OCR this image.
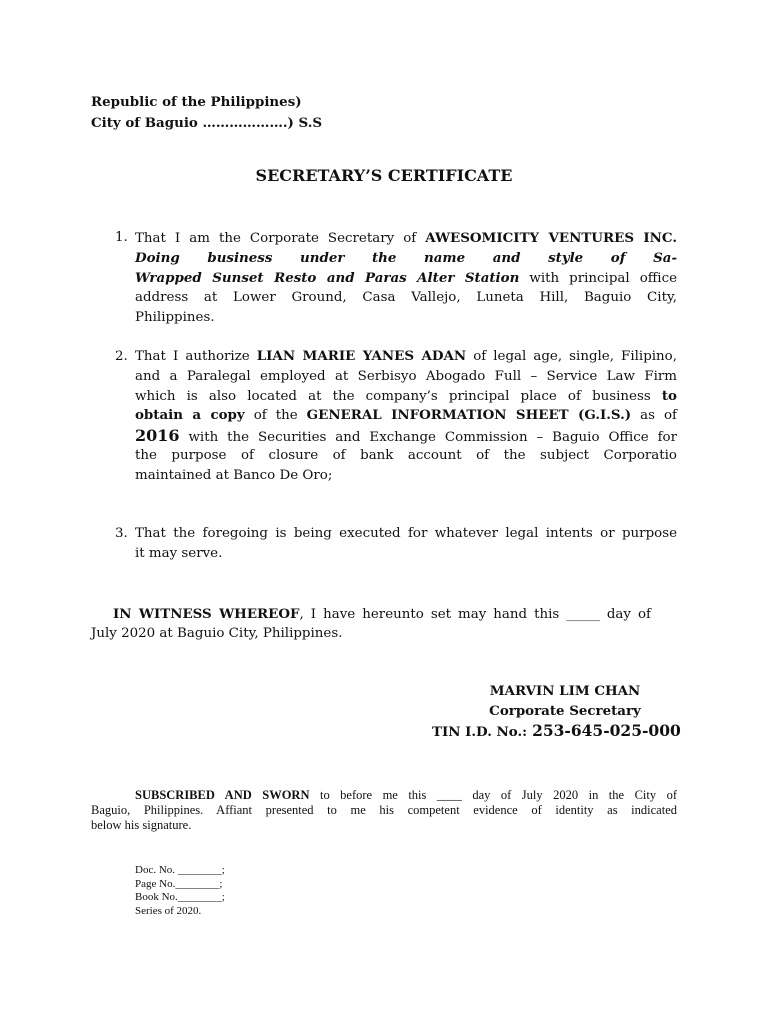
Republic of the Philippines)
City of Baguio ……………….) S.S
SECRETARY’S CERTIFICATE
1. That I am the Corporate Secretary of AWESOMICITY VENTURES INC.
Doing business under the name and style of Sa-
Wrapped Sunset Resto and Paras Alter Station with principal office
address at Lower Ground, Casa Vallejo, Luneta Hill, Baguio City,
Philippines.
2. That I authorize LIAN MARIE YANES ADAN of legal age, single, Filipino,
and a Paralegal employed at Serbisyo Abogado Full – Service Law Firm
which is also located at the company’s principal place of business to
obtain a copy of the GENERAL INFORMATION SHEET (G.I.S.) as of
2016 with the Securities and Exchange Commission – Baguio Office for
the purpose of closure of bank account of the subject Corporatio
maintained at Banco De Oro;
3. That the foregoing is being executed for whatever legal intents or purpose
it may serve.
IN WITNESS WHEREOF, I have hereunto set may hand this _____ day of
July 2020 at Baguio City, Philippines.
MARVIN LIM CHAN
Corporate Secretary
TIN I.D. No.: 253-645-025-000
SUBSCRIBED AND SWORN to before me this ____ day of July 2020 in the City of
Baguio, Philippines. Affiant presented to me his competent evidence of identity as indicated
below his signature.
Doc. No. ________;
Page No.________;
Book No.________;
Series of 2020.
